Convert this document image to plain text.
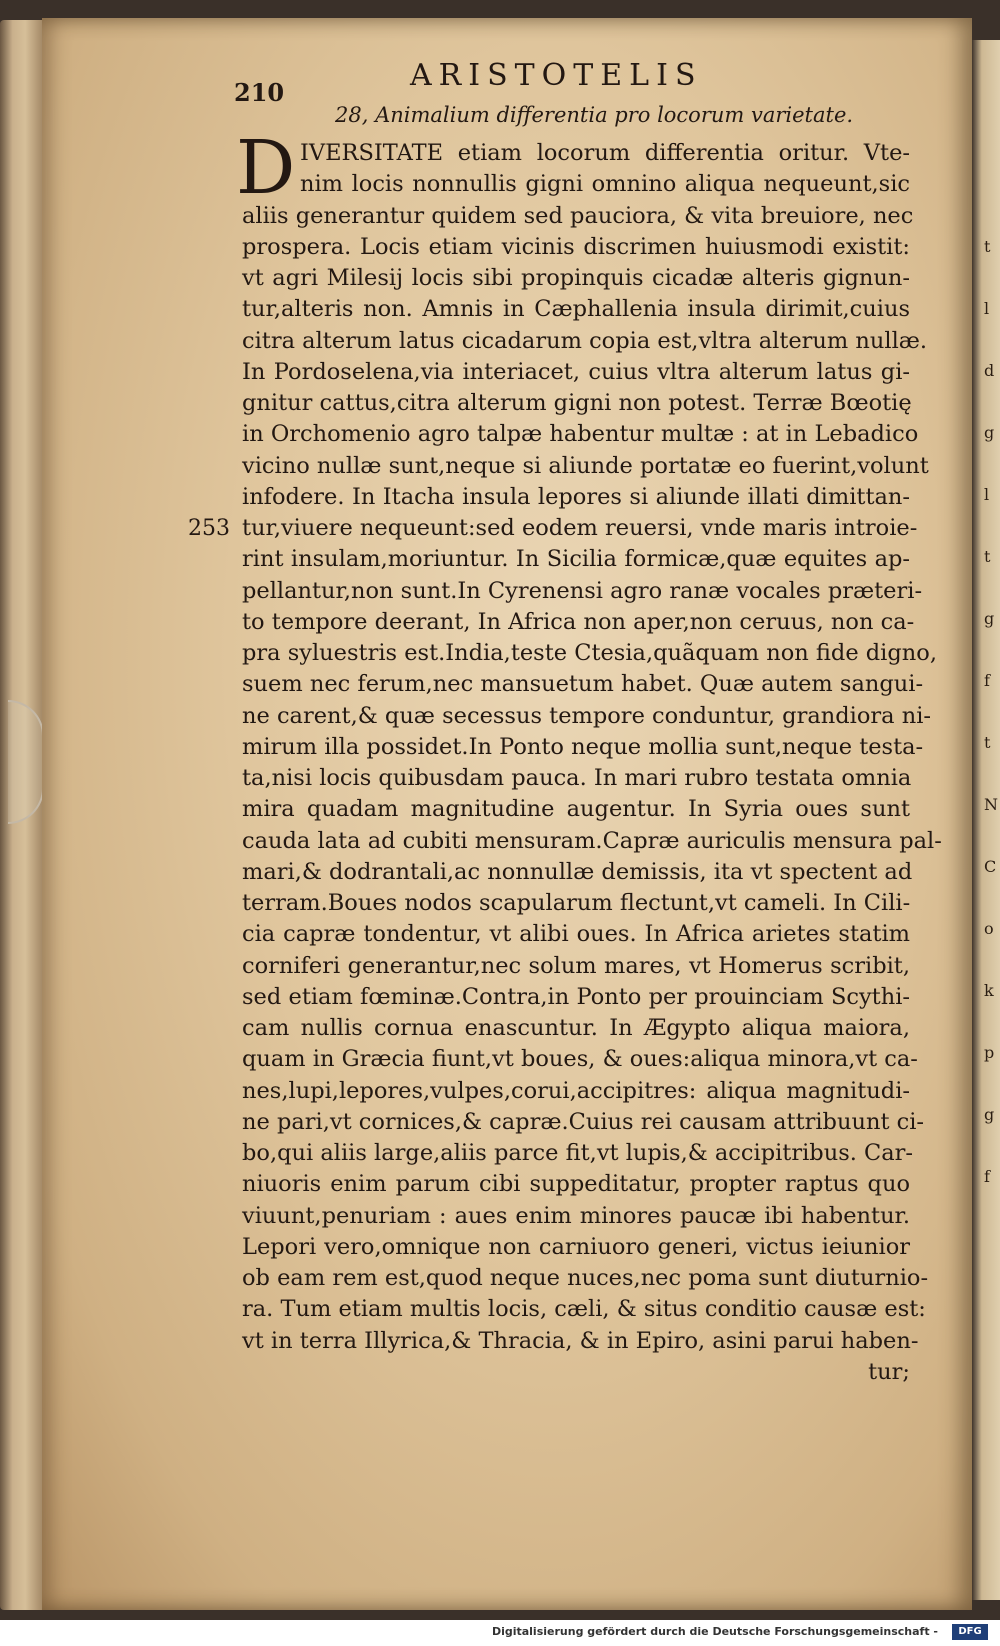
210	ARISTOTELIS
28, Animalium differentia pro locorum varietate.
D
253
IVERSITATE etiam locorum differentia oritur. Vte-
nim locis nonnullis gigni omnino aliqua nequeunt,sic
aliis generantur quidem sed pauciora, & vita breuiore, nec
prospera. Locis etiam vicinis discrimen huiusmodi existit:
vt agri Milesij locis sibi propinquis cicadæ alteris gignun-
tur,alteris non. Amnis in Cæphallenia insula dirimit,cuius
citra alterum latus cicadarum copia est,vltra alterum nullæ.
In Pordoselena,via interiacet, cuius vltra alterum latus gi-
gnitur cattus,citra alterum gigni non potest. Terræ Bœotię
in Orchomenio agro talpæ habentur multæ : at in Lebadico
vicino nullæ sunt,neque si aliunde portatæ eo fuerint,volunt
infodere. In Itacha insula lepores si aliunde illati dimittan-
tur,viuere nequeunt:sed eodem reuersi, vnde maris introie-
rint insulam,moriuntur. In Sicilia formicæ,quæ equites ap-
pellantur,non sunt.In Cyrenensi agro ranæ vocales præteri-
to tempore deerant, In Africa non aper,non ceruus, non ca-
pra syluestris est.India,teste Ctesia,quãquam non fide digno,
suem nec ferum,nec mansuetum habet. Quæ autem sangui-
ne carent,& quæ secessus tempore conduntur, grandiora ni-
mirum illa possidet.In Ponto neque mollia sunt,neque testa-
ta,nisi locis quibusdam pauca. In mari rubro testata omnia
mira quadam magnitudine augentur. In Syria oues sunt
cauda lata ad cubiti mensuram.Capræ auriculis mensura pal-
mari,& dodrantali,ac nonnullæ demissis, ita vt spectent ad
terram.Boues nodos scapularum flectunt,vt cameli. In Cili-
cia capræ tondentur, vt alibi oues. In Africa arietes statim
corniferi generantur,nec solum mares, vt Homerus scribit,
sed etiam fœminæ.Contra,in Ponto per prouinciam Scythi-
cam nullis cornua enascuntur. In Ægypto aliqua maiora,
quam in Græcia fiunt,vt boues, & oues:aliqua minora,vt ca-
nes,lupi,lepores,vulpes,corui,accipitres: aliqua magnitudi-
ne pari,vt cornices,& capræ.Cuius rei causam attribuunt ci-
bo,qui aliis large,aliis parce fit,vt lupis,& accipitribus. Car-
niuoris enim parum cibi suppeditatur, propter raptus quo
viuunt,penuriam : aues enim minores paucæ ibi habentur.
Lepori vero,omnique non carniuoro generi, victus ieiunior
ob eam rem est,quod neque nuces,nec poma sunt diuturnio-
ra. Tum etiam multis locis, cæli, & situs conditio causæ est:
vt in terra Illyrica,& Thracia, & in Epiro, asini parui haben-
tur;
t
l
d
g
l
t
g
f
t
N
C
o
k
p
g
f
Digitalisierung gefördert durch die Deutsche Forschungsgemeinschaft -	DFG
